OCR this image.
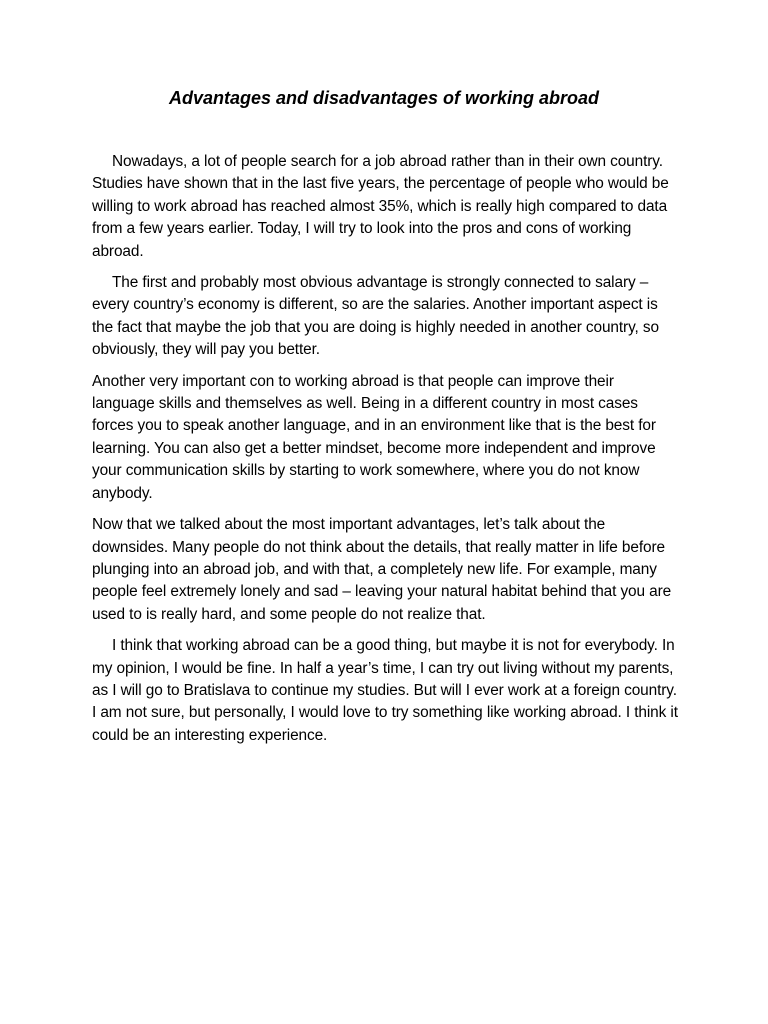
Advantages and disadvantages of working abroad

Nowadays, a lot of people search for a job abroad rather than in their own country. Studies have shown that in the last five years, the percentage of people who would be willing to work abroad has reached almost 35%, which is really high compared to data from a few years earlier. Today, I will try to look into the pros and cons of working abroad.

The first and probably most obvious advantage is strongly connected to salary – every country’s economy is different, so are the salaries. Another important aspect is the fact that maybe the job that you are doing is highly needed in another country, so obviously, they will pay you better.

Another very important con to working abroad is that people can improve their language skills and themselves as well. Being in a different country in most cases forces you to speak another language, and in an environment like that is the best for learning. You can also get a better mindset, become more independent and improve your communication skills by starting to work somewhere, where you do not know anybody.

Now that we talked about the most important advantages, let’s talk about the downsides. Many people do not think about the details, that really matter in life before plunging into an abroad job, and with that, a completely new life. For example, many people feel extremely lonely and sad – leaving your natural habitat behind that you are used to is really hard, and some people do not realize that.

I think that working abroad can be a good thing, but maybe it is not for everybody. In my opinion, I would be fine. In half a year’s time, I can try out living without my parents, as I will go to Bratislava to continue my studies. But will I ever work at a foreign country. I am not sure, but personally, I would love to try something like working abroad. I think it could be an interesting experience.
